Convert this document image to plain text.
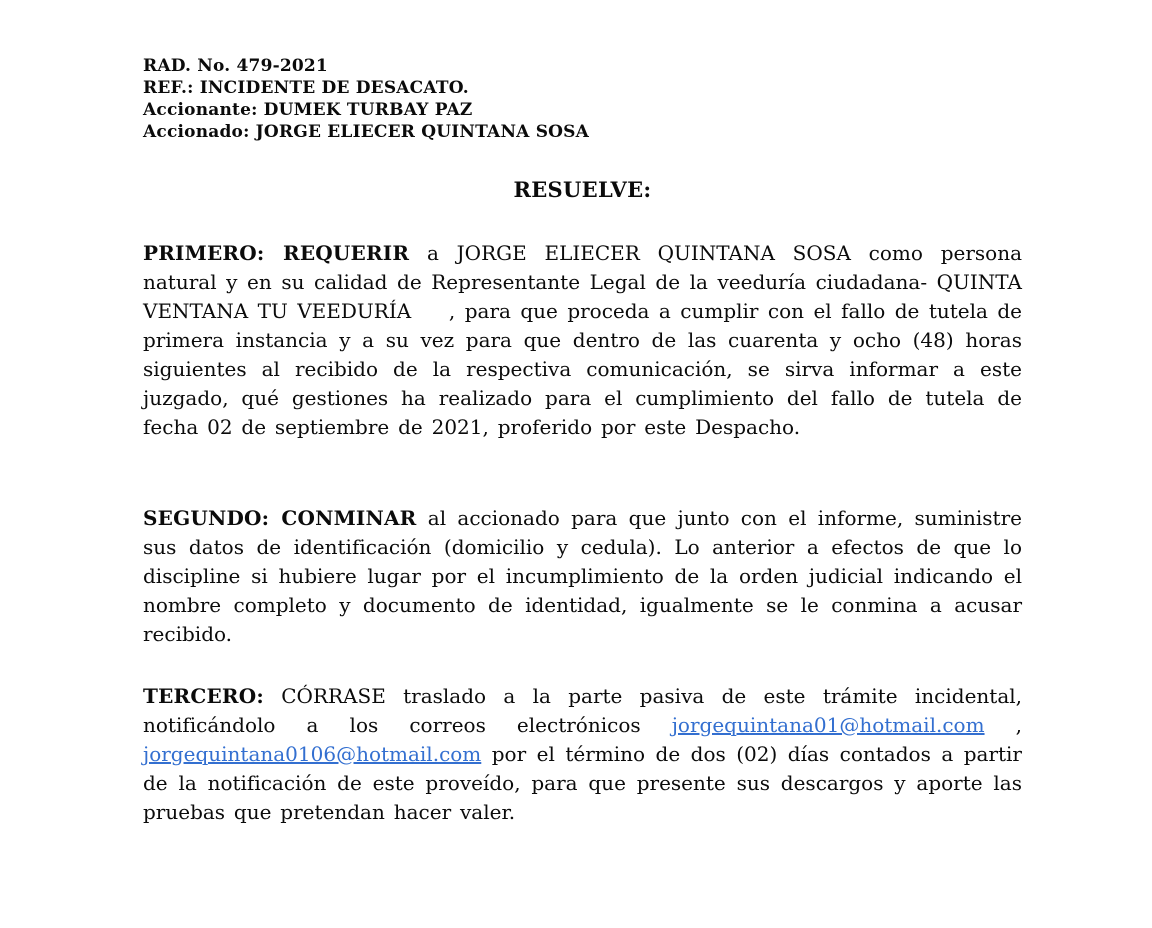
RAD. No. 479-2021
REF.: INCIDENTE DE DESACATO.
Accionante: DUMEK TURBAY PAZ
Accionado: JORGE ELIECER QUINTANA SOSA
RESUELVE:

PRIMERO: REQUERIR a JORGE ELIECER QUINTANA SOSA como persona natural y en su calidad de Representante Legal de la veeduría ciudadana- QUINTA VENTANA TU VEEDURÍA    , para que proceda a cumplir con el fallo de tutela de primera instancia y a su vez para que dentro de las cuarenta y ocho (48) horas siguientes al recibido de la respectiva comunicación, se sirva informar a este juzgado, qué gestiones ha realizado para el cumplimiento del fallo de tutela de fecha 02 de septiembre de 2021, proferido por este Despacho.

SEGUNDO: CONMINAR al accionado para que junto con el informe, suministre sus datos de identificación (domicilio y cedula). Lo anterior a efectos de que lo discipline si hubiere lugar por el incumplimiento de la orden judicial indicando el nombre completo y documento de identidad, igualmente se le conmina a acusar recibido.

TERCERO: CÓRRASE traslado a la parte pasiva de este trámite incidental, notificándolo a los correos electrónicos jorgequintana01@hotmail.com , jorgequintana0106@hotmail.com por el término de dos (02) días contados a partir de la notificación de este proveído, para que presente sus descargos y aporte las pruebas que pretendan hacer valer.
